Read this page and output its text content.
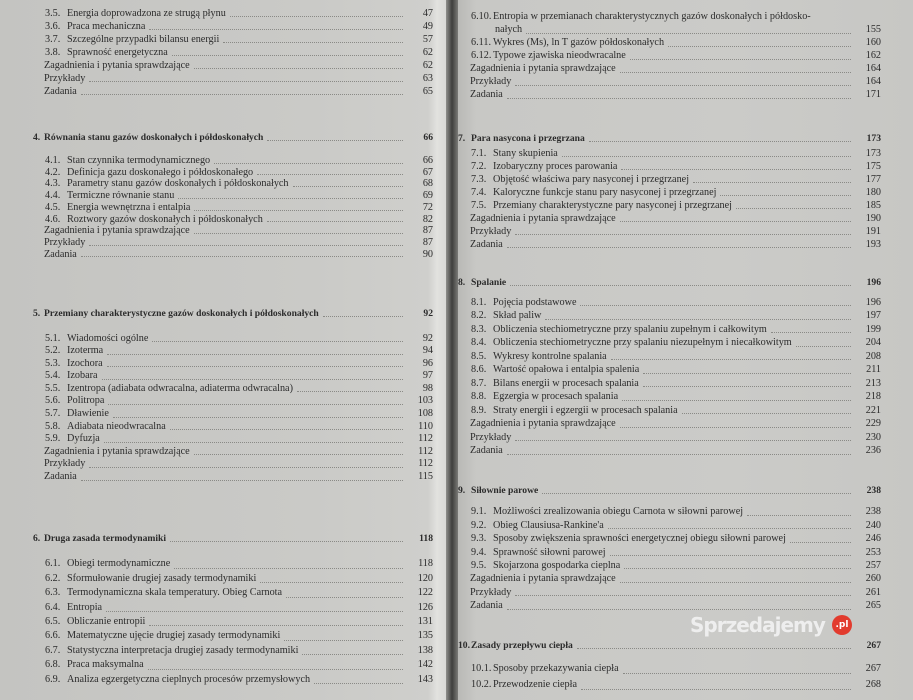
3.5. Energia doprowadzona ze strugą płynu	47
3.6. Praca mechaniczna	49
3.7. Szczególne przypadki bilansu energii	57
3.8. Sprawność energetyczna	62
Zagadnienia i pytania sprawdzające	62
Przykłady	63
Zadania	65
4. Równania stanu gazów doskonałych i półdoskonałych	66
4.1. Stan czynnika termodynamicznego	66
4.2. Definicja gazu doskonałego i półdoskonałego	67
4.3. Parametry stanu gazów doskonałych i półdoskonałych	68
4.4. Termiczne równanie stanu	69
4.5. Energia wewnętrzna i entalpia	72
4.6. Roztwory gazów doskonałych i półdoskonałych	82
Zagadnienia i pytania sprawdzające	87
Przykłady	87
Zadania	90
5. Przemiany charakterystyczne gazów doskonałych i półdoskonałych	92
5.1. Wiadomości ogólne	92
5.2. Izoterma	94
5.3. Izochora	96
5.4. Izobara	97
5.5. Izentropa (adiabata odwracalna, adiaterma odwracalna)	98
5.6. Politropa	103
5.7. Dławienie	108
5.8. Adiabata nieodwracalna	110
5.9. Dyfuzja	112
Zagadnienia i pytania sprawdzające	112
Przykłady	112
Zadania	115
6. Druga zasada termodynamiki	118
6.1. Obiegi termodynamiczne	118
6.2. Sformułowanie drugiej zasady termodynamiki	120
6.3. Termodynamiczna skala temperatury. Obieg Carnota	122
6.4. Entropia	126
6.5. Obliczanie entropii	131
6.6. Matematyczne ujęcie drugiej zasady termodynamiki	135
6.7. Statystyczna interpretacja drugiej zasady termodynamiki	138
6.8. Praca maksymalna	142
6.9. Analiza egzergetyczna cieplnych procesów przemysłowych	143
6.10. Entropia w przemianach charakterystycznych gazów doskonałych i półdosko-
nałych	155
6.11. Wykres (Ms), ln T gazów półdoskonałych	160
6.12. Typowe zjawiska nieodwracalne	162
Zagadnienia i pytania sprawdzające	164
Przykłady	164
Zadania	171
7. Para nasycona i przegrzana	173
7.1. Stany skupienia	173
7.2. Izobaryczny proces parowania	175
7.3. Objętość właściwa pary nasyconej i przegrzanej	177
7.4. Kaloryczne funkcje stanu pary nasyconej i przegrzanej	180
7.5. Przemiany charakterystyczne pary nasyconej i przegrzanej	185
Zagadnienia i pytania sprawdzające	190
Przykłady	191
Zadania	193
8. Spalanie	196
8.1. Pojęcia podstawowe	196
8.2. Skład paliw	197
8.3. Obliczenia stechiometryczne przy spalaniu zupełnym i całkowitym	199
8.4. Obliczenia stechiometryczne przy spalaniu niezupełnym i niecałkowitym	204
8.5. Wykresy kontrolne spalania	208
8.6. Wartość opałowa i entalpia spalenia	211
8.7. Bilans energii w procesach spalania	213
8.8. Egzergia w procesach spalania	218
8.9. Straty energii i egzergii w procesach spalania	221
Zagadnienia i pytania sprawdzające	229
Przykłady	230
Zadania	236
9. Siłownie parowe	238
9.1. Możliwości zrealizowania obiegu Carnota w siłowni parowej	238
9.2. Obieg Clausiusa-Rankine'a	240
9.3. Sposoby zwiększenia sprawności energetycznej obiegu siłowni parowej	246
9.4. Sprawność siłowni parowej	253
9.5. Skojarzona gospodarka cieplna	257
Zagadnienia i pytania sprawdzające	260
Przykłady	261
Zadania	265
10. Zasady przepływu ciepła	267
10.1. Sposoby przekazywania ciepła	267
10.2. Przewodzenie ciepła	268
Sprzedajemy	.pl
